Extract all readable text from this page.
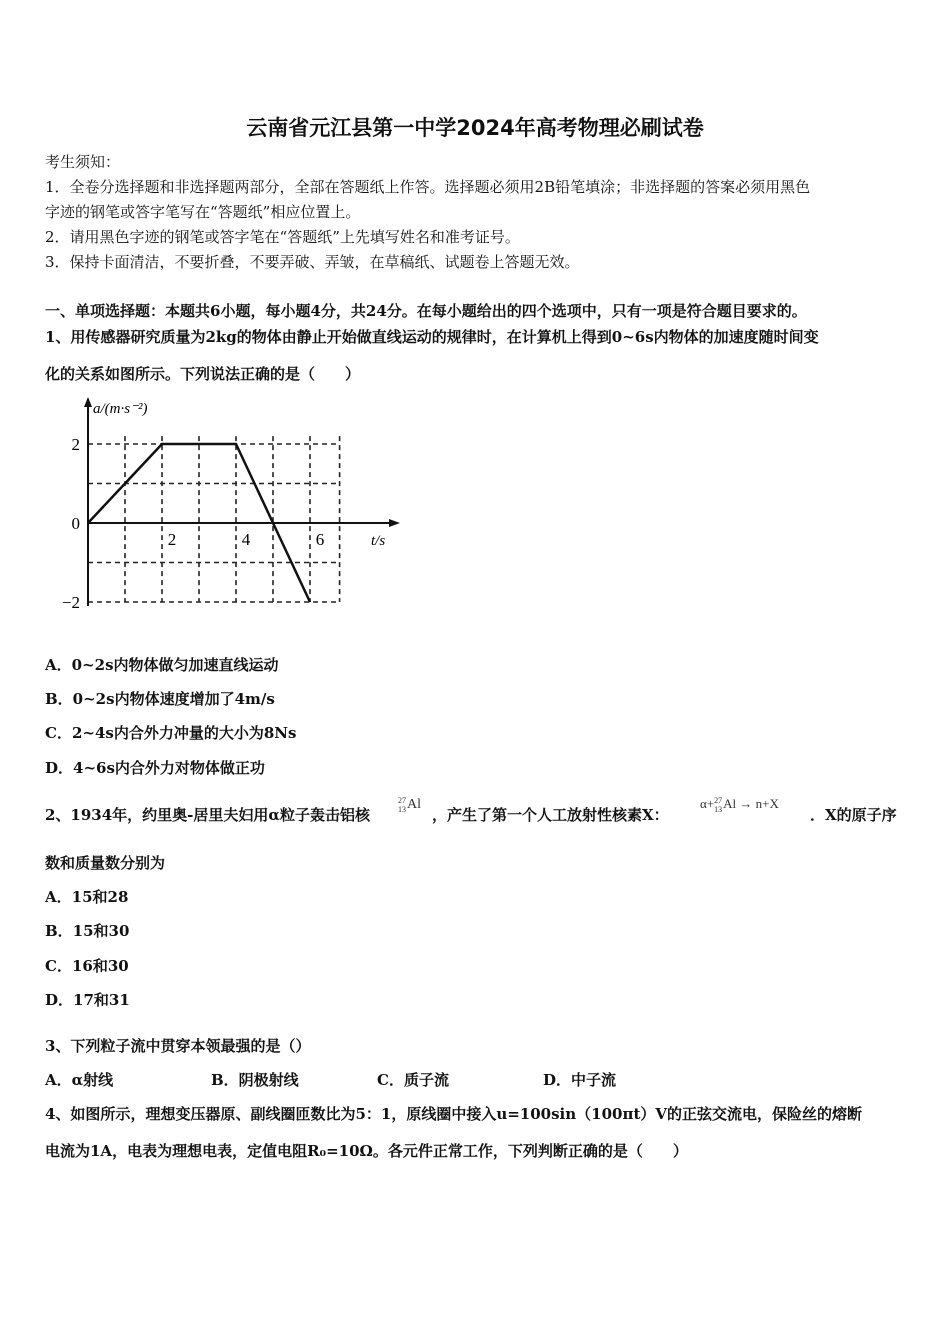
云南省元江县第一中学2024年高考物理必刷试卷
考生须知：
1．全卷分选择题和非选择题两部分，全部在答题纸上作答。选择题必须用2B铅笔填涂；非选择题的答案必须用黑色
字迹的钢笔或答字笔写在“答题纸”相应位置上。
2．请用黑色字迹的钢笔或答字笔在“答题纸”上先填写姓名和准考证号。
3．保持卡面清洁，不要折叠，不要弄破、弄皱，在草稿纸、试题卷上答题无效。
一、单项选择题：本题共6小题，每小题4分，共24分。在每小题给出的四个选项中，只有一项是符合题目要求的。
1、用传感器研究质量为2kg的物体由静止开始做直线运动的规律时，在计算机上得到0~6s内物体的加速度随时间变
化的关系如图所示。下列说法正确的是（　　）
a/(m·s⁻²)
t/s
2
0
−2
2	4	6
A．0~2s内物体做匀加速直线运动
B．0~2s内物体速度增加了4m/s
C．2~4s内合外力冲量的大小为8Ns
D．4~6s内合外力对物体做正功
2、1934年，约里奥-居里夫妇用α粒子轰击铝核
27
13 Al
，产生了第一个人工放射性核素X：
α+ 27
13 Al → n+X
．X的原子序
数和质量数分别为
A．15和28
B．15和30
C．16和30
D．17和31
3、下列粒子流中贯穿本领最强的是（）
A．α射线	B．阴极射线	C．质子流	D．中子流
4、如图所示，理想变压器原、副线圈匝数比为5：1，原线圈中接入u=100sin（100πt）V的正弦交流电，保险丝的熔断
电流为1A，电表为理想电表，定值电阻R₀=10Ω。各元件正常工作，下列判断正确的是（　　）
